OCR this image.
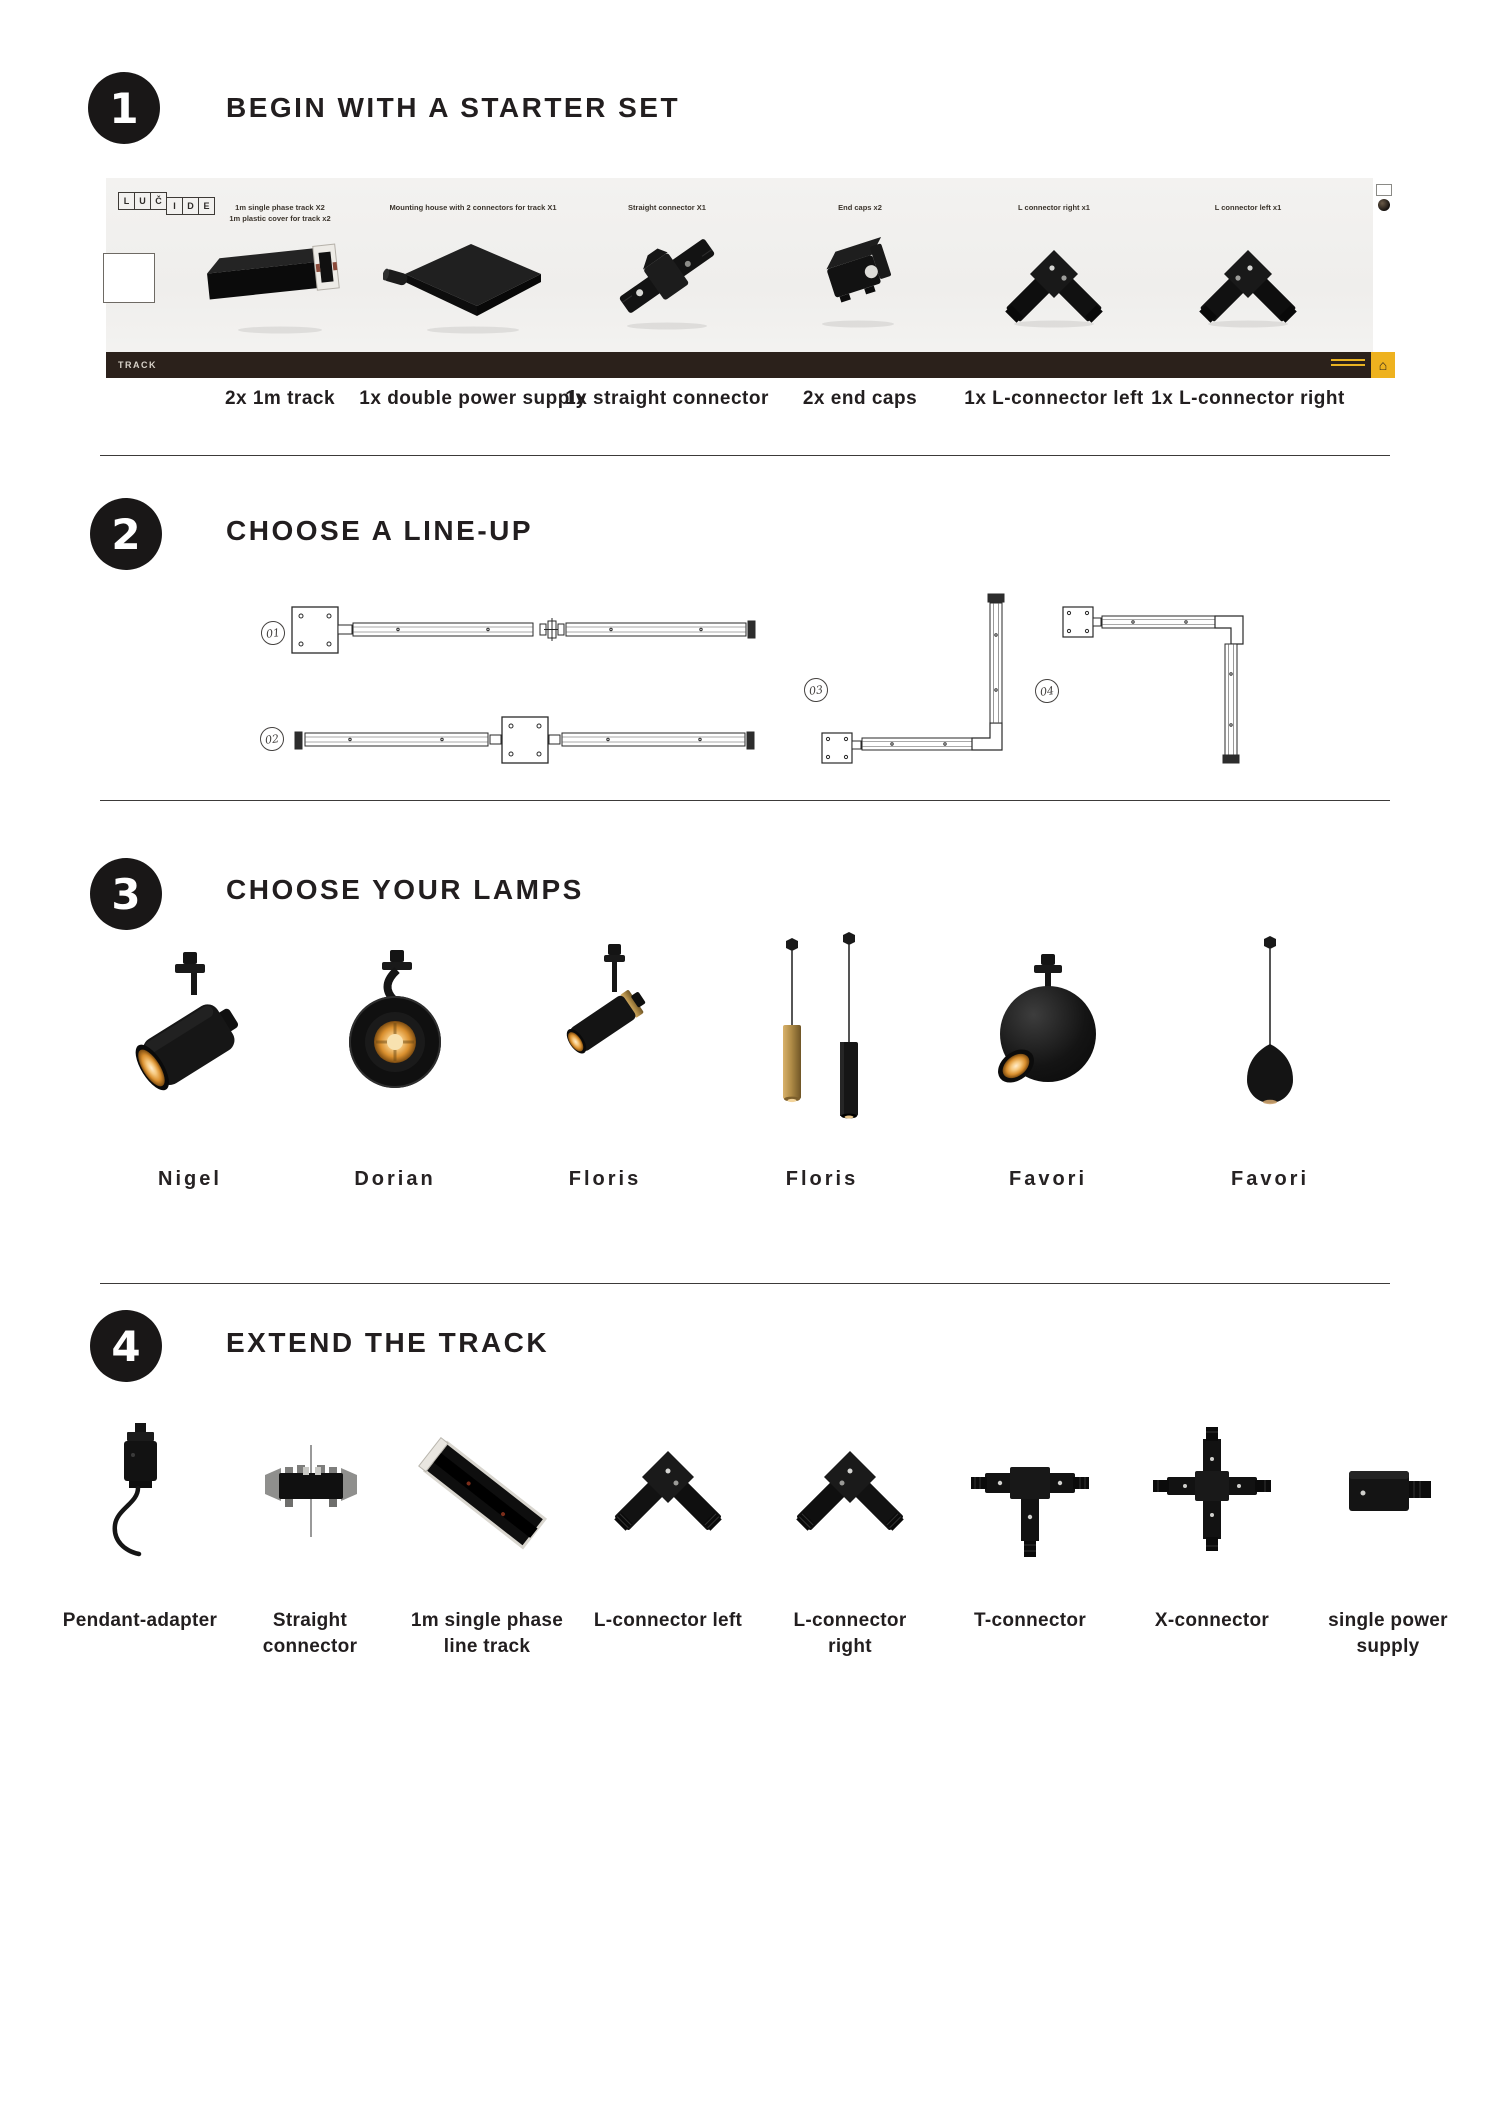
1	BEGIN WITH A STARTER SET
L	U	Č	I	D	E	1m single phase track X2
1m plastic cover for track x2
Mounting house with 2 connectors for track X1	Straight connector X1	End caps x2	L connector right x1	L connector left x1
TRACK	⌂
2x 1m track	1x double power supply
1x straight connector	2x end caps	1x L-connector left 1x L-connector right
2	CHOOSE A LINE-UP
01
02
03	04
3	CHOOSE YOUR LAMPS
Nigel	Dorian	Floris	Floris	Favori	Favori
4	EXTEND THE TRACK
Pendant-adapter	Straight connector
1m single phase line track
L-connector left	L-connector right
T-connector	X-connector	single power supply
